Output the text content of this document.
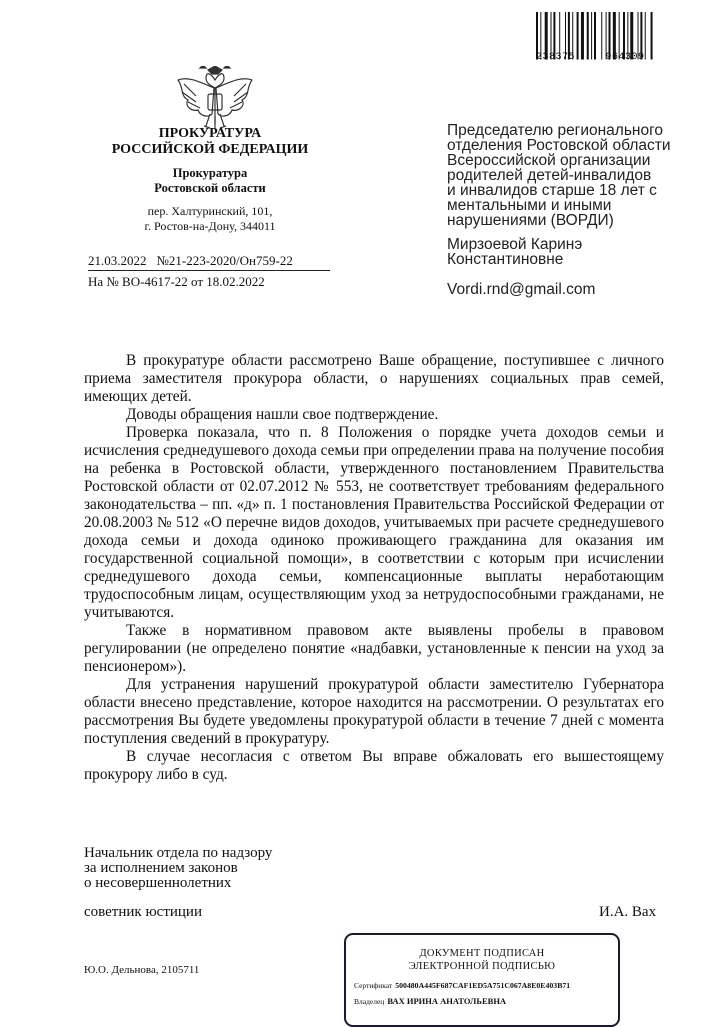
238375	964309
ПРОКУРАТУРА
РОССИЙСКОЙ ФЕДЕРАЦИИ
Прокуратура
Ростовской области
пер. Халтуринский, 101,
г. Ростов-на-Дону, 344011
21.03.2022 №21-223-2020/Он759-22
На № ВО-4617-22 от 18.02.2022
Председателю регионального
отделения Ростовской области
Всероссийской организации
родителей детей-инвалидов
и инвалидов старше 18 лет с
ментальными и иными
нарушениями (ВОРДИ)
Мирзоевой Каринэ
Константиновне
Vordi.rnd@gmail.com

В прокуратуре области рассмотрено Ваше обращение, поступившее с личного приема заместителя прокурора области, о нарушениях социальных прав семей, имеющих детей.

Доводы обращения нашли свое подтверждение.

Проверка показала, что п. 8 Положения о порядке учета доходов семьи и исчисления среднедушевого дохода семьи при определении права на получение пособия на ребенка в Ростовской области, утвержденного постановлением Правительства Ростовской области от 02.07.2012 № 553, не соответствует требованиям федерального законодательства – пп. «д» п. 1 постановления Правительства Российской Федерации от 20.08.2003 № 512 «О перечне видов доходов, учитываемых при расчете среднедушевого дохода семьи и дохода одиноко проживающего гражданина для оказания им государственной социальной помощи», в соответствии с которым при исчислении среднедушевого дохода семьи, компенсационные выплаты неработающим трудоспособным лицам, осуществляющим уход за нетрудоспособными гражданами, не учитываются.

Также в нормативном правовом акте выявлены пробелы в правовом регулировании (не определено понятие «надбавки, установленные к пенсии на уход за пенсионером»).

Для устранения нарушений прокуратурой области заместителю Губернатора области внесено представление, которое находится на рассмотрении. О результатах его рассмотрения Вы будете уведомлены прокуратурой области в течение 7 дней с момента поступления сведений в прокуратуру.

В случае несогласия с ответом Вы вправе обжаловать его вышестоящему прокурору либо в суд.

Начальник отдела по надзору
за исполнением законов
о несовершеннолетних
советник юстиции	И.А. Вах
Ю.О. Дельнова, 2105711
ДОКУМЕНТ ПОДПИСАН
ЭЛЕКТРОННОЙ ПОДПИСЬЮ
Сертификат 500480A445F687CAF1ED5A751C067A8E0E403B71
Владелец ВАХ ИРИНА АНАТОЛЬЕВНА
